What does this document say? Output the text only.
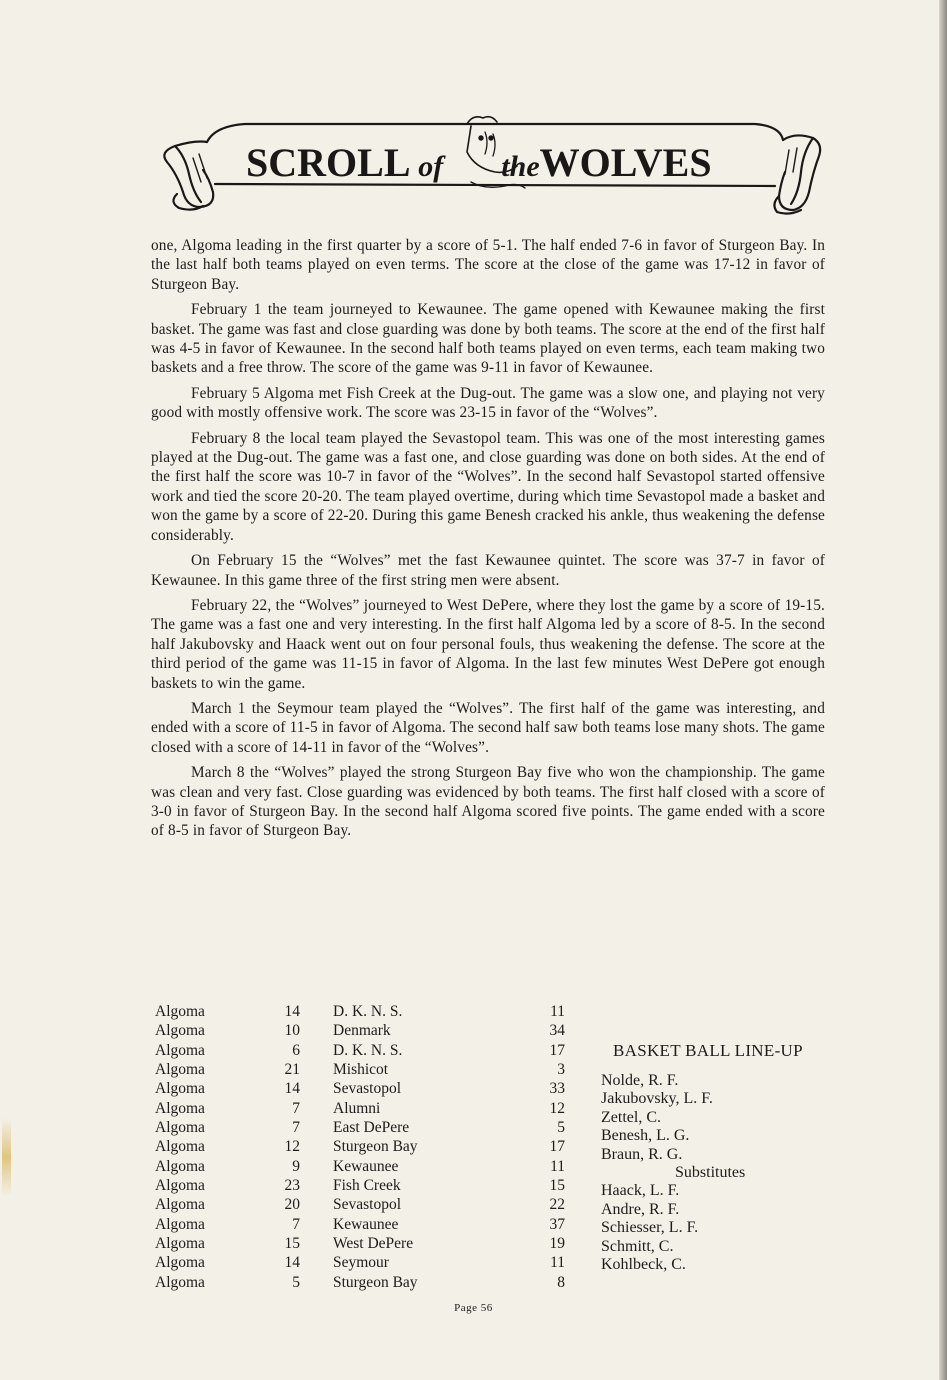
SCROLL of theWOLVES

one, Algoma leading in the first quarter by a score of 5-1. The half ended 7-6 in favor of Sturgeon Bay. In the last half both teams played on even terms. The score at the close of the game was 17-12 in favor of Sturgeon Bay.

February 1 the team journeyed to Kewaunee. The game opened with Kewaunee making the first basket. The game was fast and close guarding was done by both teams. The score at the end of the first half was 4-5 in favor of Kewaunee. In the second half both teams played on even terms, each team making two baskets and a free throw. The score of the game was 9-11 in favor of Kewaunee.

February 5 Algoma met Fish Creek at the Dug-out. The game was a slow one, and playing not very good with mostly offensive work. The score was 23-15 in favor of the “Wolves”.

February 8 the local team played the Sevastopol team. This was one of the most interesting games played at the Dug-out. The game was a fast one, and close guarding was done on both sides. At the end of the first half the score was 10-7 in favor of the “Wolves”. In the second half Sevastopol started offensive work and tied the score 20-20. The team played overtime, during which time Sevastopol made a basket and won the game by a score of 22-20. During this game Benesh cracked his ankle, thus weakening the defense considerably.

On February 15 the “Wolves” met the fast Kewaunee quintet. The score was 37-7 in favor of Kewaunee. In this game three of the first string men were absent.

February 22, the “Wolves” journeyed to West DePere, where they lost the game by a score of 19-15. The game was a fast one and very interesting. In the first half Algoma led by a score of 8-5. In the second half Jakubovsky and Haack went out on four personal fouls, thus weakening the defense. The score at the third period of the game was 11-15 in favor of Algoma. In the last few minutes West DePere got enough baskets to win the game.

March 1 the Seymour team played the “Wolves”. The first half of the game was interesting, and ended with a score of 11-5 in favor of Algoma. The second half saw both teams lose many shots. The game closed with a score of 14-11 in favor of the “Wolves”.

March 8 the “Wolves” played the strong Sturgeon Bay five who won the championship. The game was clean and very fast. Close guarding was evidenced by both teams. The first half closed with a score of 3-0 in favor of Sturgeon Bay. In the second half Algoma scored five points. The game ended with a score of 8-5 in favor of Sturgeon Bay.

Algoma	14	D. K. N. S.	11
Algoma	10	Denmark	34
Algoma	6	D. K. N. S.	17
Algoma	21	Mishicot	3
Algoma	14	Sevastopol	33
Algoma	7	Alumni	12
Algoma	7	East DePere	5
Algoma	12	Sturgeon Bay	17
Algoma	9	Kewaunee	11
Algoma	23	Fish Creek	15
Algoma	20	Sevastopol	22
Algoma	7	Kewaunee	37
Algoma	15	West DePere	19
Algoma	14	Seymour	11
Algoma	5	Sturgeon Bay	8
BASKET BALL LINE-UP
Nolde, R. F.
Jakubovsky, L. F.
Zettel, C.
Benesh, L. G.
Braun, R. G.
Substitutes
Haack, L. F.
Andre, R. F.
Schiesser, L. F.
Schmitt, C.
Kohlbeck, C.
Page 56
